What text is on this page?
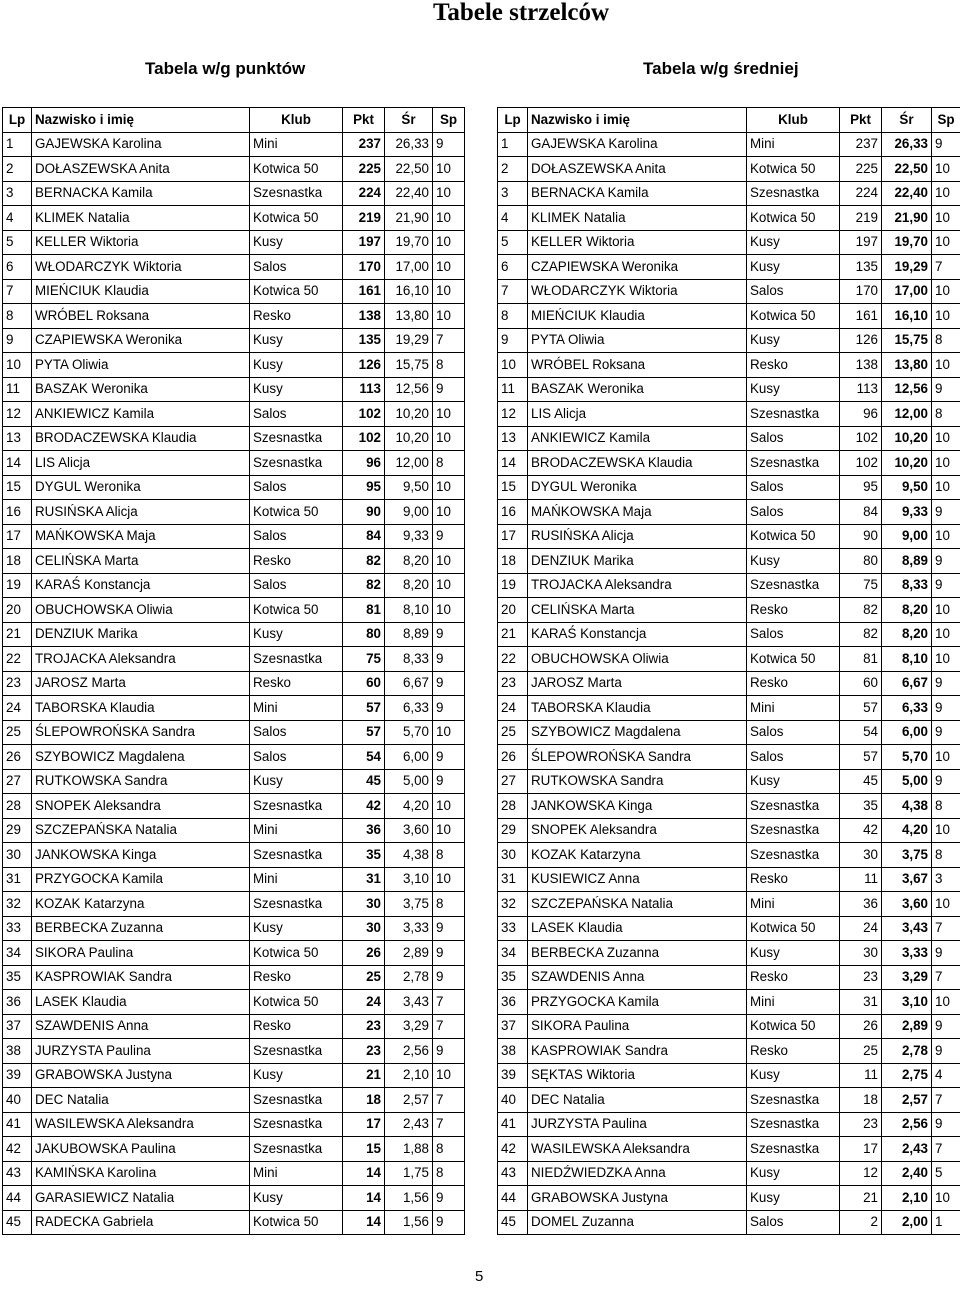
Tabele strzelców
Tabela w/g punktów	Tabela w/g średniej
Lp	Nazwisko i imię	Klub	Pkt	Śr	Sp
1	GAJEWSKA Karolina	Mini	237	26,33	9
2	DOŁASZEWSKA Anita	Kotwica 50	225	22,50	10
3	BERNACKA Kamila	Szesnastka	224	22,40	10
4	KLIMEK Natalia	Kotwica 50	219	21,90	10
5	KELLER Wiktoria	Kusy	197	19,70	10
6	WŁODARCZYK Wiktoria	Salos	170	17,00	10
7	MIEŃCIUK Klaudia	Kotwica 50	161	16,10	10
8	WRÓBEL Roksana	Resko	138	13,80	10
9	CZAPIEWSKA Weronika	Kusy	135	19,29	7
10	PYTA Oliwia	Kusy	126	15,75	8
11	BASZAK Weronika	Kusy	113	12,56	9
12	ANKIEWICZ Kamila	Salos	102	10,20	10
13	BRODACZEWSKA Klaudia	Szesnastka	102	10,20	10
14	LIS Alicja	Szesnastka	96	12,00	8
15	DYGUL Weronika	Salos	95	9,50	10
16	RUSIŃSKA Alicja	Kotwica 50	90	9,00	10
17	MAŃKOWSKA Maja	Salos	84	9,33	9
18	CELIŃSKA Marta	Resko	82	8,20	10
19	KARAŚ Konstancja	Salos	82	8,20	10
20	OBUCHOWSKA Oliwia	Kotwica 50	81	8,10	10
21	DENZIUK Marika	Kusy	80	8,89	9
22	TROJACKA Aleksandra	Szesnastka	75	8,33	9
23	JAROSZ Marta	Resko	60	6,67	9
24	TABORSKA Klaudia	Mini	57	6,33	9
25	ŚLEPOWROŃSKA Sandra	Salos	57	5,70	10
26	SZYBOWICZ Magdalena	Salos	54	6,00	9
27	RUTKOWSKA Sandra	Kusy	45	5,00	9
28	SNOPEK Aleksandra	Szesnastka	42	4,20	10
29	SZCZEPAŃSKA Natalia	Mini	36	3,60	10
30	JANKOWSKA Kinga	Szesnastka	35	4,38	8
31	PRZYGOCKA Kamila	Mini	31	3,10	10
32	KOZAK Katarzyna	Szesnastka	30	3,75	8
33	BERBECKA Zuzanna	Kusy	30	3,33	9
34	SIKORA Paulina	Kotwica 50	26	2,89	9
35	KASPROWIAK Sandra	Resko	25	2,78	9
36	LASEK Klaudia	Kotwica 50	24	3,43	7
37	SZAWDENIS Anna	Resko	23	3,29	7
38	JURZYSTA Paulina	Szesnastka	23	2,56	9
39	GRABOWSKA Justyna	Kusy	21	2,10	10
40	DEC Natalia	Szesnastka	18	2,57	7
41	WASILEWSKA Aleksandra	Szesnastka	17	2,43	7
42	JAKUBOWSKA Paulina	Szesnastka	15	1,88	8
43	KAMIŃSKA Karolina	Mini	14	1,75	8
44	GARASIEWICZ Natalia	Kusy	14	1,56	9
45	RADECKA Gabriela	Kotwica 50	14	1,56	9
Lp	Nazwisko i imię	Klub	Pkt	Śr	Sp
1	GAJEWSKA Karolina	Mini	237	26,33	9
2	DOŁASZEWSKA Anita	Kotwica 50	225	22,50	10
3	BERNACKA Kamila	Szesnastka	224	22,40	10
4	KLIMEK Natalia	Kotwica 50	219	21,90	10
5	KELLER Wiktoria	Kusy	197	19,70	10
6	CZAPIEWSKA Weronika	Kusy	135	19,29	7
7	WŁODARCZYK Wiktoria	Salos	170	17,00	10
8	MIEŃCIUK Klaudia	Kotwica 50	161	16,10	10
9	PYTA Oliwia	Kusy	126	15,75	8
10	WRÓBEL Roksana	Resko	138	13,80	10
11	BASZAK Weronika	Kusy	113	12,56	9
12	LIS Alicja	Szesnastka	96	12,00	8
13	ANKIEWICZ Kamila	Salos	102	10,20	10
14	BRODACZEWSKA Klaudia	Szesnastka	102	10,20	10
15	DYGUL Weronika	Salos	95	9,50	10
16	MAŃKOWSKA Maja	Salos	84	9,33	9
17	RUSIŃSKA Alicja	Kotwica 50	90	9,00	10
18	DENZIUK Marika	Kusy	80	8,89	9
19	TROJACKA Aleksandra	Szesnastka	75	8,33	9
20	CELIŃSKA Marta	Resko	82	8,20	10
21	KARAŚ Konstancja	Salos	82	8,20	10
22	OBUCHOWSKA Oliwia	Kotwica 50	81	8,10	10
23	JAROSZ Marta	Resko	60	6,67	9
24	TABORSKA Klaudia	Mini	57	6,33	9
25	SZYBOWICZ Magdalena	Salos	54	6,00	9
26	ŚLEPOWROŃSKA Sandra	Salos	57	5,70	10
27	RUTKOWSKA Sandra	Kusy	45	5,00	9
28	JANKOWSKA Kinga	Szesnastka	35	4,38	8
29	SNOPEK Aleksandra	Szesnastka	42	4,20	10
30	KOZAK Katarzyna	Szesnastka	30	3,75	8
31	KUSIEWICZ Anna	Resko	11	3,67	3
32	SZCZEPAŃSKA Natalia	Mini	36	3,60	10
33	LASEK Klaudia	Kotwica 50	24	3,43	7
34	BERBECKA Zuzanna	Kusy	30	3,33	9
35	SZAWDENIS Anna	Resko	23	3,29	7
36	PRZYGOCKA Kamila	Mini	31	3,10	10
37	SIKORA Paulina	Kotwica 50	26	2,89	9
38	KASPROWIAK Sandra	Resko	25	2,78	9
39	SĘKTAS Wiktoria	Kusy	11	2,75	4
40	DEC Natalia	Szesnastka	18	2,57	7
41	JURZYSTA Paulina	Szesnastka	23	2,56	9
42	WASILEWSKA Aleksandra	Szesnastka	17	2,43	7
43	NIEDŹWIEDZKA Anna	Kusy	12	2,40	5
44	GRABOWSKA Justyna	Kusy	21	2,10	10
45	DOMEL Zuzanna	Salos	2	2,00	1
5
